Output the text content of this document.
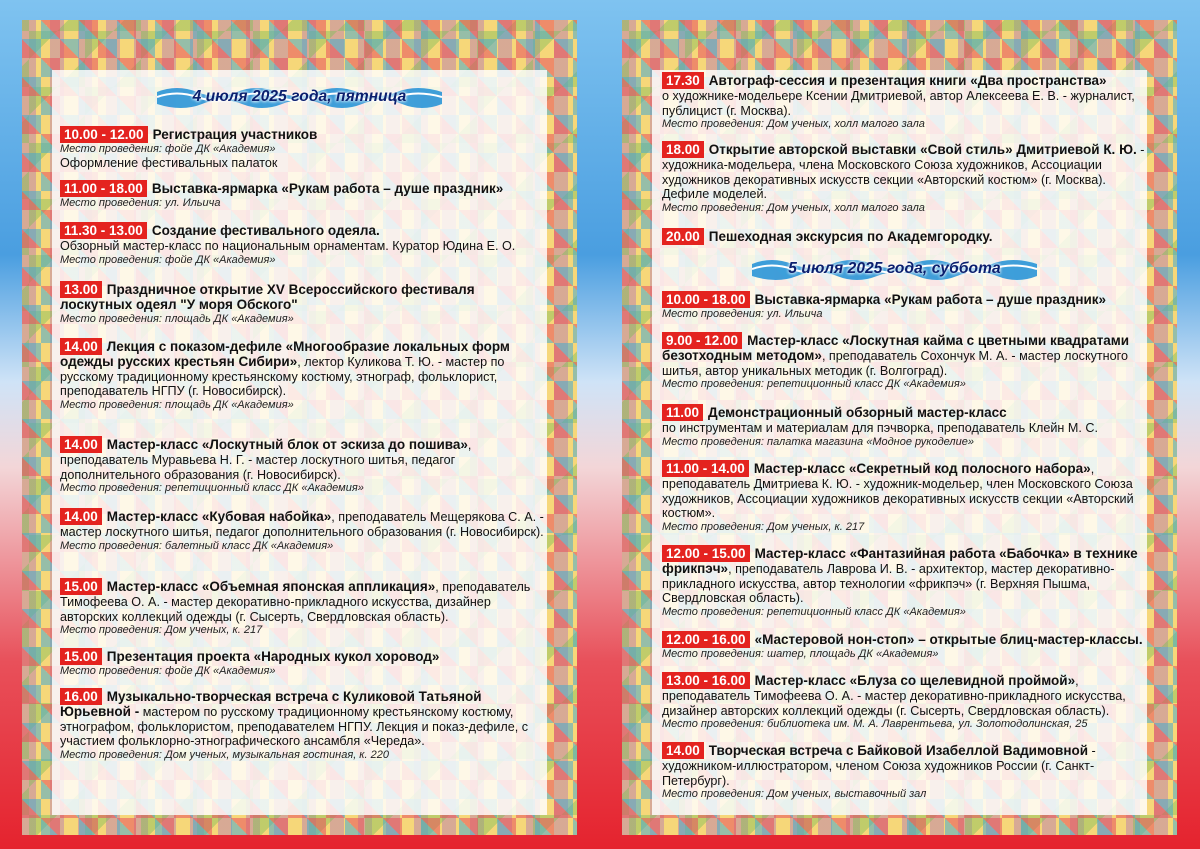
4 июля 2025 года, пятница
10.00 - 12.00 Регистрация участников
Место проведения: фойе ДК «Академия»
Оформление фестивальных палаток
11.00 - 18.00 Выставка-ярмарка «Рукам работа – душе праздник»
Место проведения: ул. Ильича
11.30 - 13.00 Создание фестивального одеяла.
Обзорный мастер-класс по национальным орнаментам. Куратор Юдина Е. О.
Место проведения: фойе ДК «Академия»
13.00 Праздничное открытие XV Всероссийского фестиваля лоскутных одеял "У моря Обского"
Место проведения: площадь ДК «Академия»
14.00 Лекция с показом-дефиле «Многообразие локальных форм одежды русских крестьян Сибири», лектор Куликова Т. Ю. - мастер по русскому традиционному крестьянскому костюму, этнограф, фольклорист, преподаватель НГПУ (г. Новосибирск).
Место проведения: площадь ДК «Академия»
14.00 Мастер-класс «Лоскутный блок от эскиза до пошива», преподаватель Муравьева Н. Г. - мастер лоскутного шитья, педагог дополнительного образования (г. Новосибирск).
Место проведения: репетиционный класс ДК «Академия»
14.00 Мастер-класс «Кубовая набойка», преподаватель Мещерякова С. А. - мастер лоскутного шитья, педагог дополнительного образования (г. Новосибирск).
Место проведения: балетный класс ДК «Академия»
15.00 Мастер-класс «Объемная японская аппликация», преподаватель Тимофеева О. А. - мастер декоративно-прикладного искусства, дизайнер авторских коллекций одежды (г. Сысерть, Свердловская область).
Место проведения: Дом ученых, к. 217
15.00 Презентация проекта «Народных кукол хоровод»
Место проведения: фойе ДК «Академия»
16.00 Музыкально-творческая встреча с Куликовой Татьяной Юрьевной - мастером по русскому традиционному крестьянскому костюму, этнографом, фольклористом, преподавателем НГПУ. Лекция и показ-дефиле, с участием фольклорно-этнографического ансамбля «Череда».
Место проведения: Дом ученых, музыкальная гостиная, к. 220
17.30 Автограф-сессия и презентация книги «Два пространства»
о художнике-модельере Ксении Дмитриевой, автор Алексеева Е. В. - журналист, публицист (г. Москва).
Место проведения: Дом ученых, холл малого зала
18.00 Открытие авторской выставки «Свой стиль» Дмитриевой К. Ю. - художника-модельера, члена Московского Союза художников, Ассоциации художников декоративных искусств секции «Авторский костюм» (г. Москва). Дефиле моделей.
Место проведения: Дом ученых, холл малого зала
20.00 Пешеходная экскурсия по Академгородку.
5 июля 2025 года, суббота
10.00 - 18.00 Выставка-ярмарка «Рукам работа – душе праздник»
Место проведения: ул. Ильича
9.00 - 12.00 Мастер-класс «Лоскутная кайма с цветными квадратами безотходным методом», преподаватель Сохончук М. А. - мастер лоскутного шитья, автор уникальных методик (г. Волгоград).
Место проведения: репетиционный класс ДК «Академия»
11.00 Демонстрационный обзорный мастер-класс
по инструментам и материалам для пэчворка, преподаватель Клейн М. С.
Место проведения: палатка магазина «Модное рукоделие»
11.00 - 14.00 Мастер-класс «Секретный код полосного набора», преподаватель Дмитриева К. Ю. - художник-модельер, член Московского Союза художников, Ассоциации художников декоративных искусств секции «Авторский костюм».
Место проведения: Дом ученых, к. 217
12.00 - 15.00 Мастер-класс «Фантазийная работа «Бабочка» в технике фрикпэч», преподаватель Лаврова И. В. - архитектор, мастер декоративно-прикладного искусства, автор технологии «фрикпэч» (г. Верхняя Пышма, Свердловская область).
Место проведения: репетиционный класс ДК «Академия»
12.00 - 16.00 «Мастеровой нон-стоп» – открытые блиц-мастер-классы.
Место проведения: шатер, площадь ДК «Академия»
13.00 - 16.00 Мастер-класс «Блуза со щелевидной проймой», преподаватель Тимофеева О. А. - мастер декоративно-прикладного искусства, дизайнер авторских коллекций одежды (г. Сысерть, Свердловская область).
Место проведения: библиотека им. М. А. Лаврентьева, ул. Золотодолинская, 25
14.00 Творческая встреча с Байковой Изабеллой Вадимовной - художником-иллюстратором, членом Союза художников России (г. Санкт-Петербург).
Место проведения: Дом ученых, выставочный зал
